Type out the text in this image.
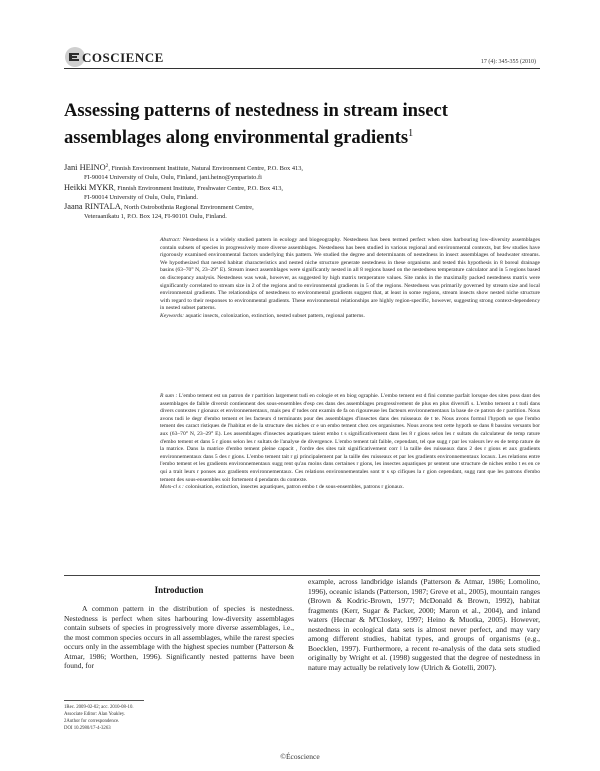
COSCIENCE	17 (4): 345-355 (2010)
Assessing patterns of nestedness in stream insect assemblages along environmental gradients$^1$
Jani HEINO$^2$, Finnish Environment Institute, Natural Environment Centre, P.O. Box 413,
FI-90014 University of Oulu, Oulu, Finland, jani.heino@ymparisto.fi
Heikki MYKR, Finnish Environment Institute, Freshwater Centre, P.O. Box 413,
FI-90014 University of Oulu, Oulu, Finland.
Jaana RINTALA, North Ostrobothnia Regional Environment Centre,
Veteraanikatu 1, P.O. Box 124, FI-90101 Oulu, Finland.

Abstract: Nestedness is a widely studied pattern in ecology and biogeography. Nestedness has been termed perfect when sites harbouring low-diversity assemblages contain subsets of species in progressively more diverse assemblages. Nestedness has been studied in various regional and environmental contexts, but few studies have rigorously examined environmental factors underlying this pattern. We studied the degree and determinants of nestedness in insect assemblages of headwater streams. We hypothesized that nested habitat characteristics and nested niche structure generate nestedness in these organisms and tested this hypothesis in 8 boreal drainage basins (63–70° N, 23–29° E). Stream insect assemblages were significantly nested in all 8 regions based on the nestedness temperature calculator and in 5 regions based on discrepancy analysis. Nestedness was weak, however, as suggested by high matrix temperature values. Site ranks in the maximally packed nestedness matrix were significantly correlated to stream size in 2 of the regions and to environmental gradients in 5 of the regions. Nestedness was primarily governed by stream size and local environmental gradients. The relationships of nestedness to environmental gradients suggest that, at least in some regions, stream insects show nested niche structure with regard to their responses to environmental gradients. These environmental relationships are highly region-specific, however, suggesting strong context-dependency in nested subset patterns.

Keywords: aquatic insects, colonization, extinction, nested subset pattern, regional patterns.

R sum : L'embo tement est un patron de r partition largement tudi en cologie et en biog ographie. L'embo tement est d fini comme parfait lorsque des sites poss dant des assemblages de faible diversit contiennent des sous-ensembles d'esp ces dans des assemblages progressivement de plus en plus diversifi s. L'embo tement a t tudi dans divers contextes r gionaux et environnementaux, mais peu d' tudes ont examin de fa on rigoureuse les facteurs environnementaux la base de ce patron de r partition. Nous avons tudi le degr d'embo tement et les facteurs d terminants pour des assemblages d'insectes dans des ruisseaux de t te. Nous avons formul l'hypoth se que l'embo tement des caract ristiques de l'habitat et de la structure des niches cr e un embo tement chez ces organismes. Nous avons test cette hypoth se dans 8 bassins versants bor aux (63–70° N, 23–29° E). Les assemblages d'insectes aquatiques taient embo t s significativement dans les 8 r gions selon les r sultats du calculateur de temp rature d'embo tement et dans 5 r gions selon les r sultats de l'analyse de divergence. L'embo tement tait faible, cependant, tel que sugg r par les valeurs lev es de temp rature de la matrice. Dans la matrice d'embo tement pleine capacit , l'ordre des sites tait significativement corr l la taille des ruisseaux dans 2 des r gions et aux gradients environnementaux dans 5 des r gions. L'embo tement tait r gi principalement par la taille des ruisseaux et par les gradients environnementaux locaux. Les relations entre l'embo tement et les gradients environnementaux sugg rent qu'au moins dans certaines r gions, les insectes aquatiques pr sentent une structure de niches embo t es en ce qui a trait leurs r ponses aux gradients environnementaux. Ces relations environnementales sont tr s sp cifiques la r gion cependant, sugg rant que les patrons d'embo tement des sous-ensembles soit fortement d pendants du contexte.

Mots-cl s : colonisation, extinction, insectes aquatiques, patron embo t de sous-ensembles, patrons r gionaux.

Introduction

A common pattern in the distribution of species is nestedness. Nestedness is perfect when sites harbouring low-diversity assemblages contain subsets of species in progressively more diverse assemblages, i.e., the most common species occurs in all assemblages, while the rarest species occurs only in the assemblage with the highest species number (Patterson & Atmar, 1986; Worthen, 1996). Significantly nested patterns have been found, for

example, across landbridge islands (Patterson & Atmar, 1986; Lomolino, 1996), oceanic islands (Patterson, 1987; Greve et al., 2005), mountain ranges (Brown & Kodric-Brown, 1977; McDonald & Brown, 1992), habitat fragments (Kerr, Sugar & Packer, 2000; Maron et al., 2004), and inland waters (Hecnar & M'Closkey, 1997; Heino & Muotka, 2005). However, nestedness in ecological data sets is almost never perfect, and may vary among different studies, habitat types, and groups of organisms (e.g., Boecklen, 1997). Furthermore, a recent re-analysis of the data sets studied originally by Wright et al. (1998) suggested that the degree of nestedness in nature may actually be relatively low (Ulrich & Gotelli, 2007).

1Rec. 2009-02-02; acc. 2010-08-10.
Associate Editor: Alan Yoakley.
2Author for correspondence.
DOI 10.2980/17-4-3263
©Écoscience
